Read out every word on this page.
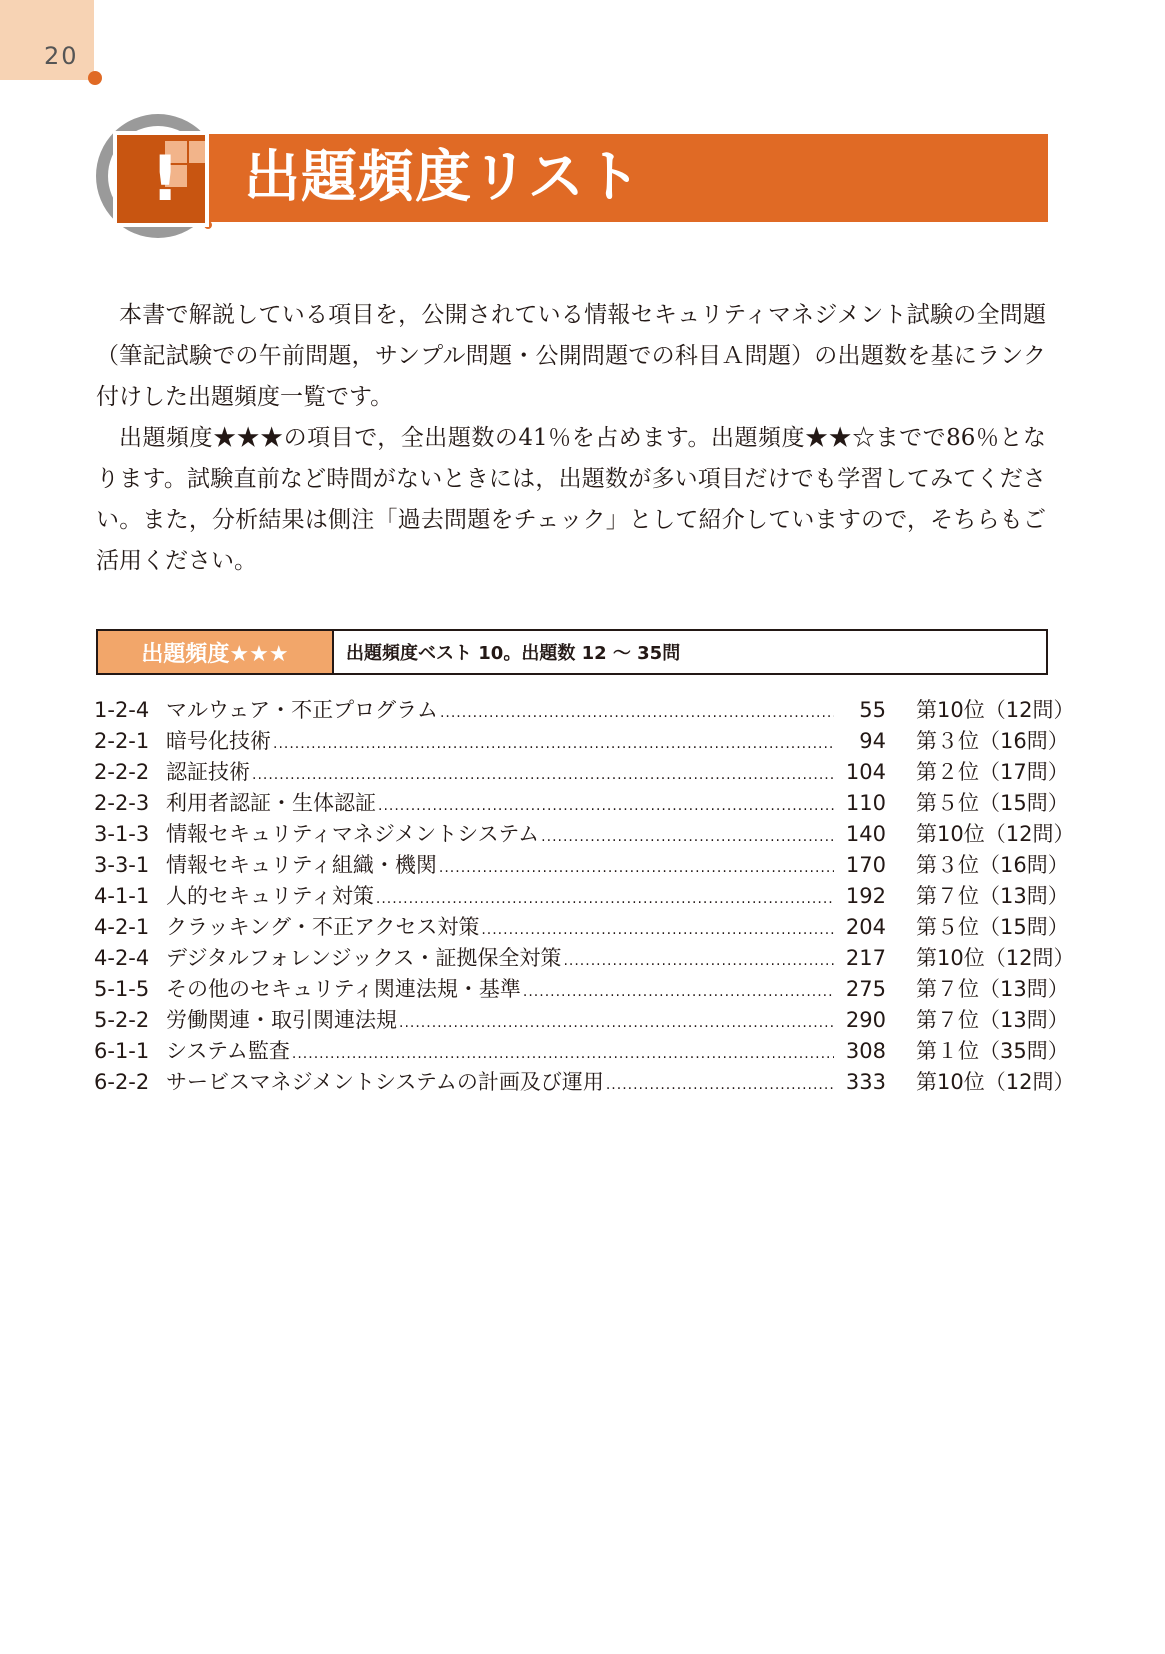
20
! 出題頻度リスト

本書で解説している項目を，公開されている情報セキュリティマネジメント試験の全問題（筆記試験での午前問題，サンプル問題・公開問題での科目Ａ問題）の出題数を基にランク付けした出題頻度一覧です。

出題頻度★★★の項目で，全出題数の41％を占めます。出題頻度★★☆までで86％となります。試験直前など時間がないときには，出題数が多い項目だけでも学習してみてください。また，分析結果は側注「過去問題をチェック」として紹介していますので，そちらもご活用ください。

出題頻度★★★	出題頻度ベスト 10。出題数 12 〜 35問
1-2-4 マルウェア・不正プログラム .....	55	第10位（12問）
2-2-1 暗号化技術 .....	94	第３位（16問）
2-2-2 認証技術 .....	104	第２位（17問）
2-2-3 利用者認証・生体認証 .....	110	第５位（15問）
3-1-3 情報セキュリティマネジメントシステム .....	140	第10位（12問）
3-3-1 情報セキュリティ組織・機関 .....	170	第３位（16問）
4-1-1 人的セキュリティ対策 .....	192	第７位（13問）
4-2-1 クラッキング・不正アクセス対策 .....	204	第５位（15問）
4-2-4 デジタルフォレンジックス・証拠保全対策 .....	217	第10位（12問）
5-1-5 その他のセキュリティ関連法規・基準 .....	275	第７位（13問）
5-2-2 労働関連・取引関連法規 .....	290	第７位（13問）
6-1-1 システム監査 .....	308	第１位（35問）
6-2-2 サービスマネジメントシステムの計画及び運用 .....	333	第10位（12問）
